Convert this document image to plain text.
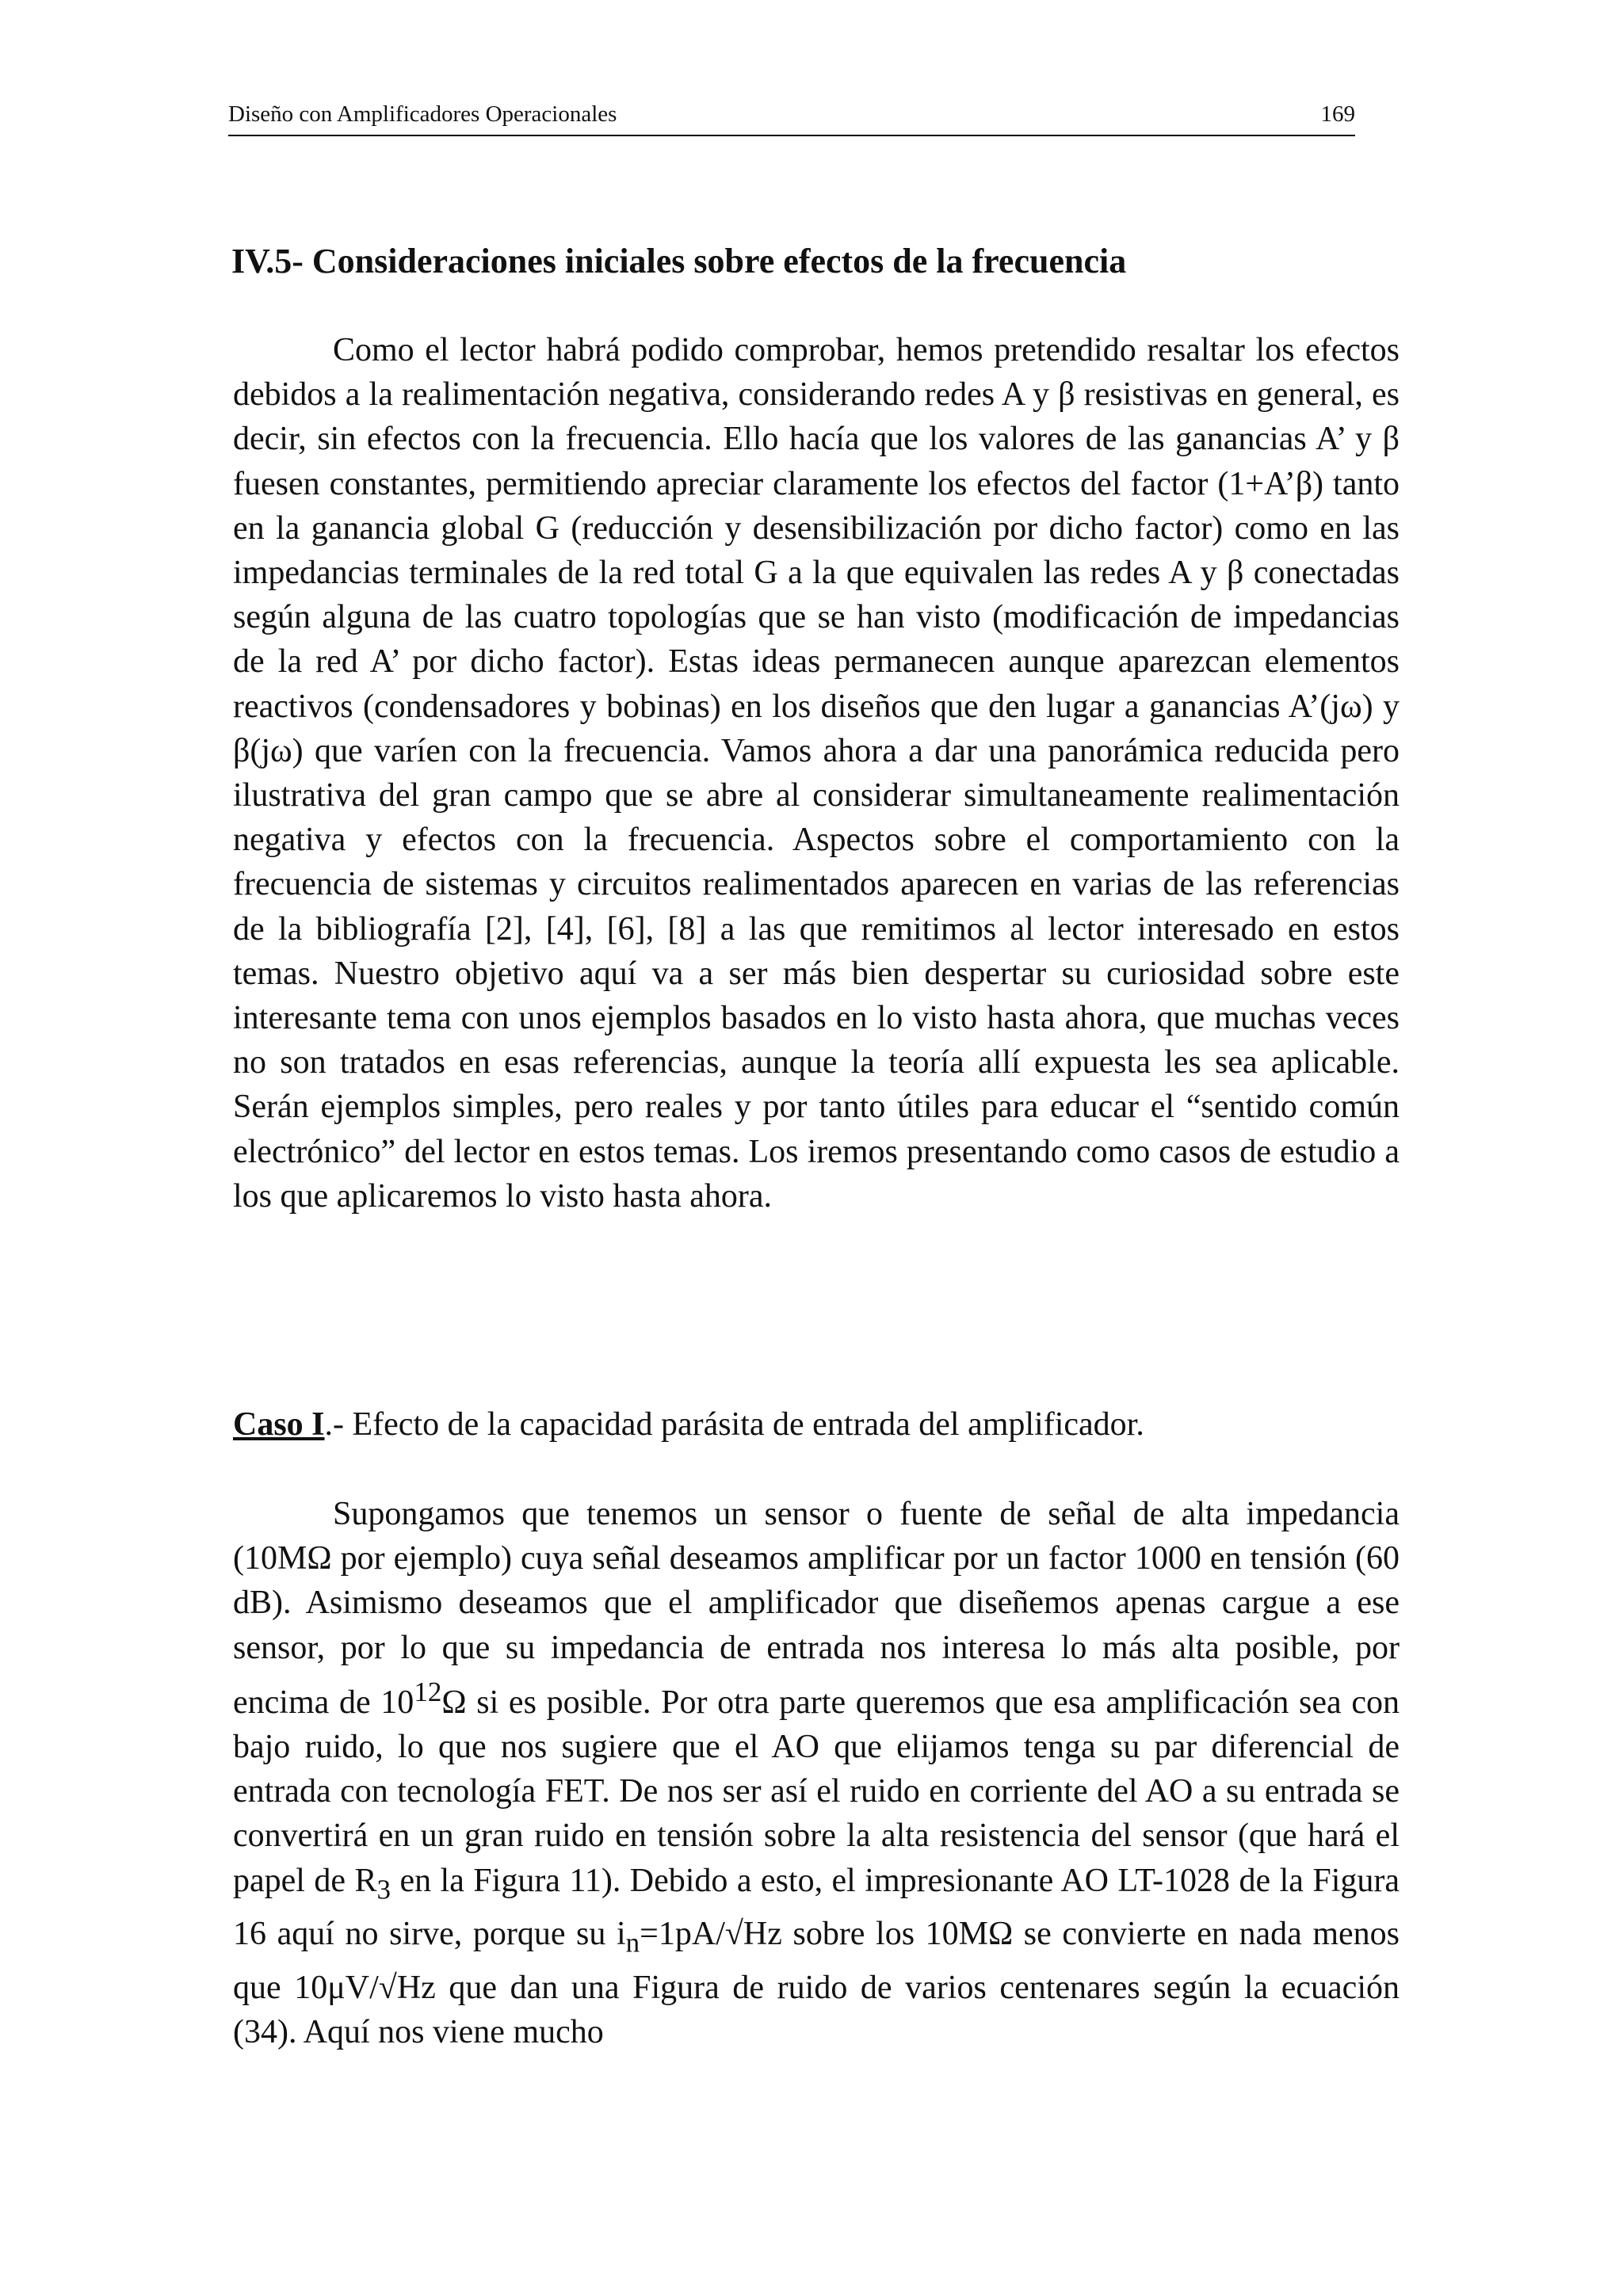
Diseño con Amplificadores Operacionales	169
IV.5- Consideraciones iniciales sobre efectos de la frecuencia

Como el lector habrá podido comprobar, hemos pretendido resaltar los efectos debidos a la realimentación negativa, considerando redes A y β resistivas en general, es decir, sin efectos con la frecuencia. Ello hacía que los valores de las ganancias A’ y β fuesen constantes, permitiendo apreciar claramente los efectos del factor (1+A’β) tanto en la ganancia global G (reducción y desensibilización por dicho factor) como en las impedancias terminales de la red total G a la que equivalen las redes A y β conectadas según alguna de las cuatro topologías que se han visto (modificación de impedancias de la red A’ por dicho factor). Estas ideas permanecen aunque aparezcan elementos reactivos (condensadores y bobinas) en los diseños que den lugar a ganancias A’(jω) y β(jω) que varíen con la frecuencia. Vamos ahora a dar una panorámica reducida pero ilustrativa del gran campo que se abre al considerar simultaneamente realimentación negativa y efectos con la frecuencia. Aspectos sobre el comportamiento con la frecuencia de sistemas y circuitos realimentados aparecen en varias de las referencias de la bibliografía [2], [4], [6], [8] a las que remitimos al lector interesado en estos temas. Nuestro objetivo aquí va a ser más bien despertar su curiosidad sobre este interesante tema con unos ejemplos basados en lo visto hasta ahora, que muchas veces no son tratados en esas referencias, aunque la teoría allí expuesta les sea aplicable. Serán ejemplos simples, pero reales y por tanto útiles para educar el “sentido común electrónico” del lector en estos temas. Los iremos presentando como casos de estudio a los que aplicaremos lo visto hasta ahora.

Caso I.- Efecto de la capacidad parásita de entrada del amplificador.

Supongamos que tenemos un sensor o fuente de señal de alta impedancia (10MΩ por ejemplo) cuya señal deseamos amplificar por un factor 1000 en tensión (60 dB). Asimismo deseamos que el amplificador que diseñemos apenas cargue a ese sensor, por lo que su impedancia de entrada nos interesa lo más alta posible, por encima de $10^{12}\Omega$ si es posible. Por otra parte queremos que esa amplificación sea con bajo ruido, lo que nos sugiere que el AO que elijamos tenga su par diferencial de entrada con tecnología FET. De nos ser así el ruido en corriente del AO a su entrada se convertirá en un gran ruido en tensión sobre la alta resistencia del sensor (que hará el papel de $R_3$ en la Figura 11). Debido a esto, el impresionante AO LT-1028 de la Figura 16 aquí no sirve, porque su $i_n=1pA/√Hz$ sobre los 10MΩ se convierte en nada menos que 10μV/√Hz que dan una Figura de ruido de varios centenares según la ecuación (34). Aquí nos viene mucho
